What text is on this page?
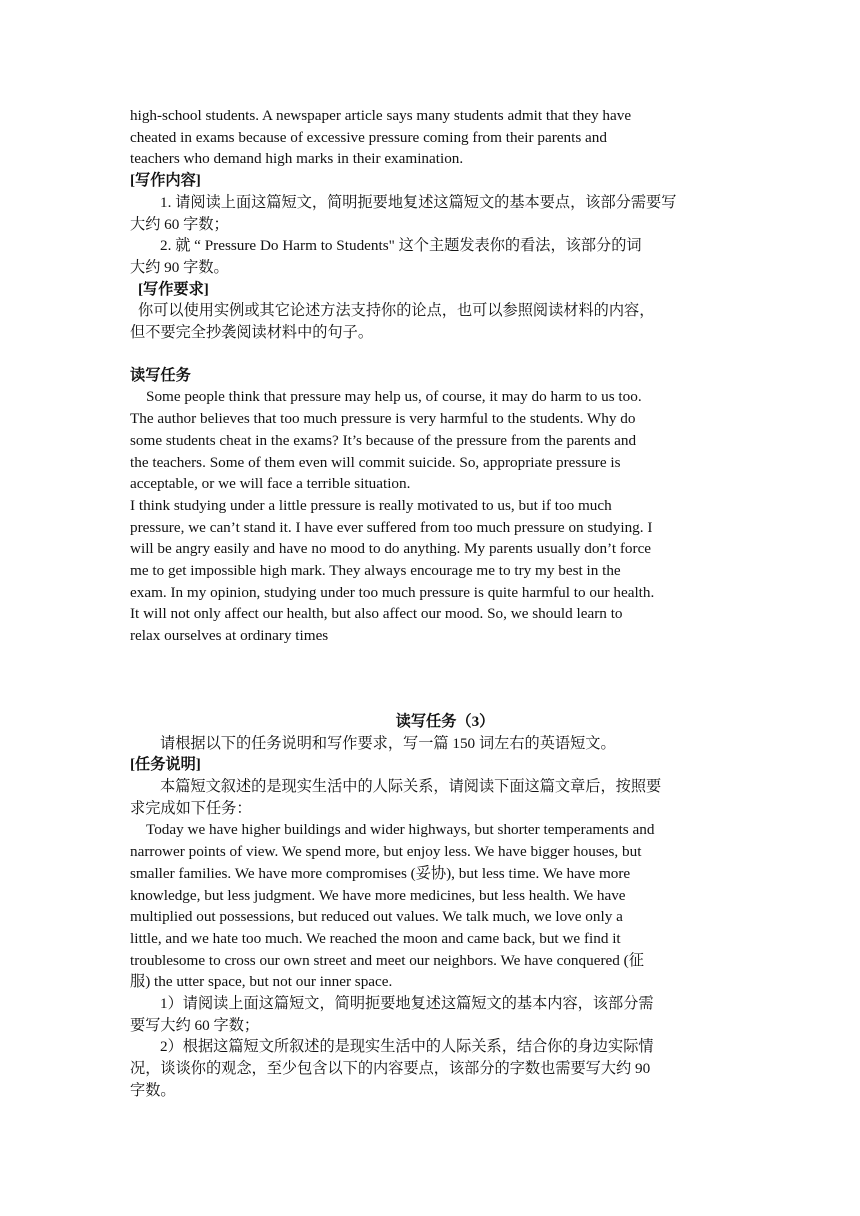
high-school students. A newspaper article says many students admit that they have
cheated in exams because of excessive pressure coming from their parents and
teachers who demand high marks in their examination.
[写作内容]
1. 请阅读上面这篇短文，简明扼要地复述这篇短文的基本要点，该部分需要写
大约 60 字数；
2. 就 “ Pressure Do Harm to Students" 这个主题发表你的看法，该部分的词
大约 90 字数。
[写作要求]
你可以使用实例或其它论述方法支持你的论点，也可以参照阅读材料的内容，
但不要完全抄袭阅读材料中的句子。
读写任务
Some people think that pressure may help us, of course, it may do harm to us too.
The author believes that too much pressure is very harmful to the students. Why do
some students cheat in the exams? It’s because of the pressure from the parents and
the teachers. Some of them even will commit suicide. So, appropriate pressure is
acceptable, or we will face a terrible situation.
I think studying under a little pressure is really motivated to us, but if too much
pressure, we can’t stand it. I have ever suffered from too much pressure on studying. I
will be angry easily and have no mood to do anything. My parents usually don’t force
me to get impossible high mark. They always encourage me to try my best in the
exam. In my opinion, studying under too much pressure is quite harmful to our health.
It will not only affect our health, but also affect our mood. So, we should learn to
relax ourselves at ordinary times
读写任务（3）
请根据以下的任务说明和写作要求，写一篇 150 词左右的英语短文。
[任务说明]
本篇短文叙述的是现实生活中的人际关系，请阅读下面这篇文章后，按照要
求完成如下任务：
Today we have higher buildings and wider highways, but shorter temperaments and
narrower points of view. We spend more, but enjoy less. We have bigger houses, but
smaller families. We have more compromises (妥协), but less time. We have more
knowledge, but less judgment. We have more medicines, but less health. We have
multiplied out possessions, but reduced out values. We talk much, we love only a
little, and we hate too much. We reached the moon and came back, but we find it
troublesome to cross our own street and meet our neighbors. We have conquered (征
服) the utter space, but not our inner space.
1）请阅读上面这篇短文，简明扼要地复述这篇短文的基本内容，该部分需
要写大约 60 字数；
2）根据这篇短文所叙述的是现实生活中的人际关系，结合你的身边实际情
况，谈谈你的观念，至少包含以下的内容要点，该部分的字数也需要写大约 90
字数。
